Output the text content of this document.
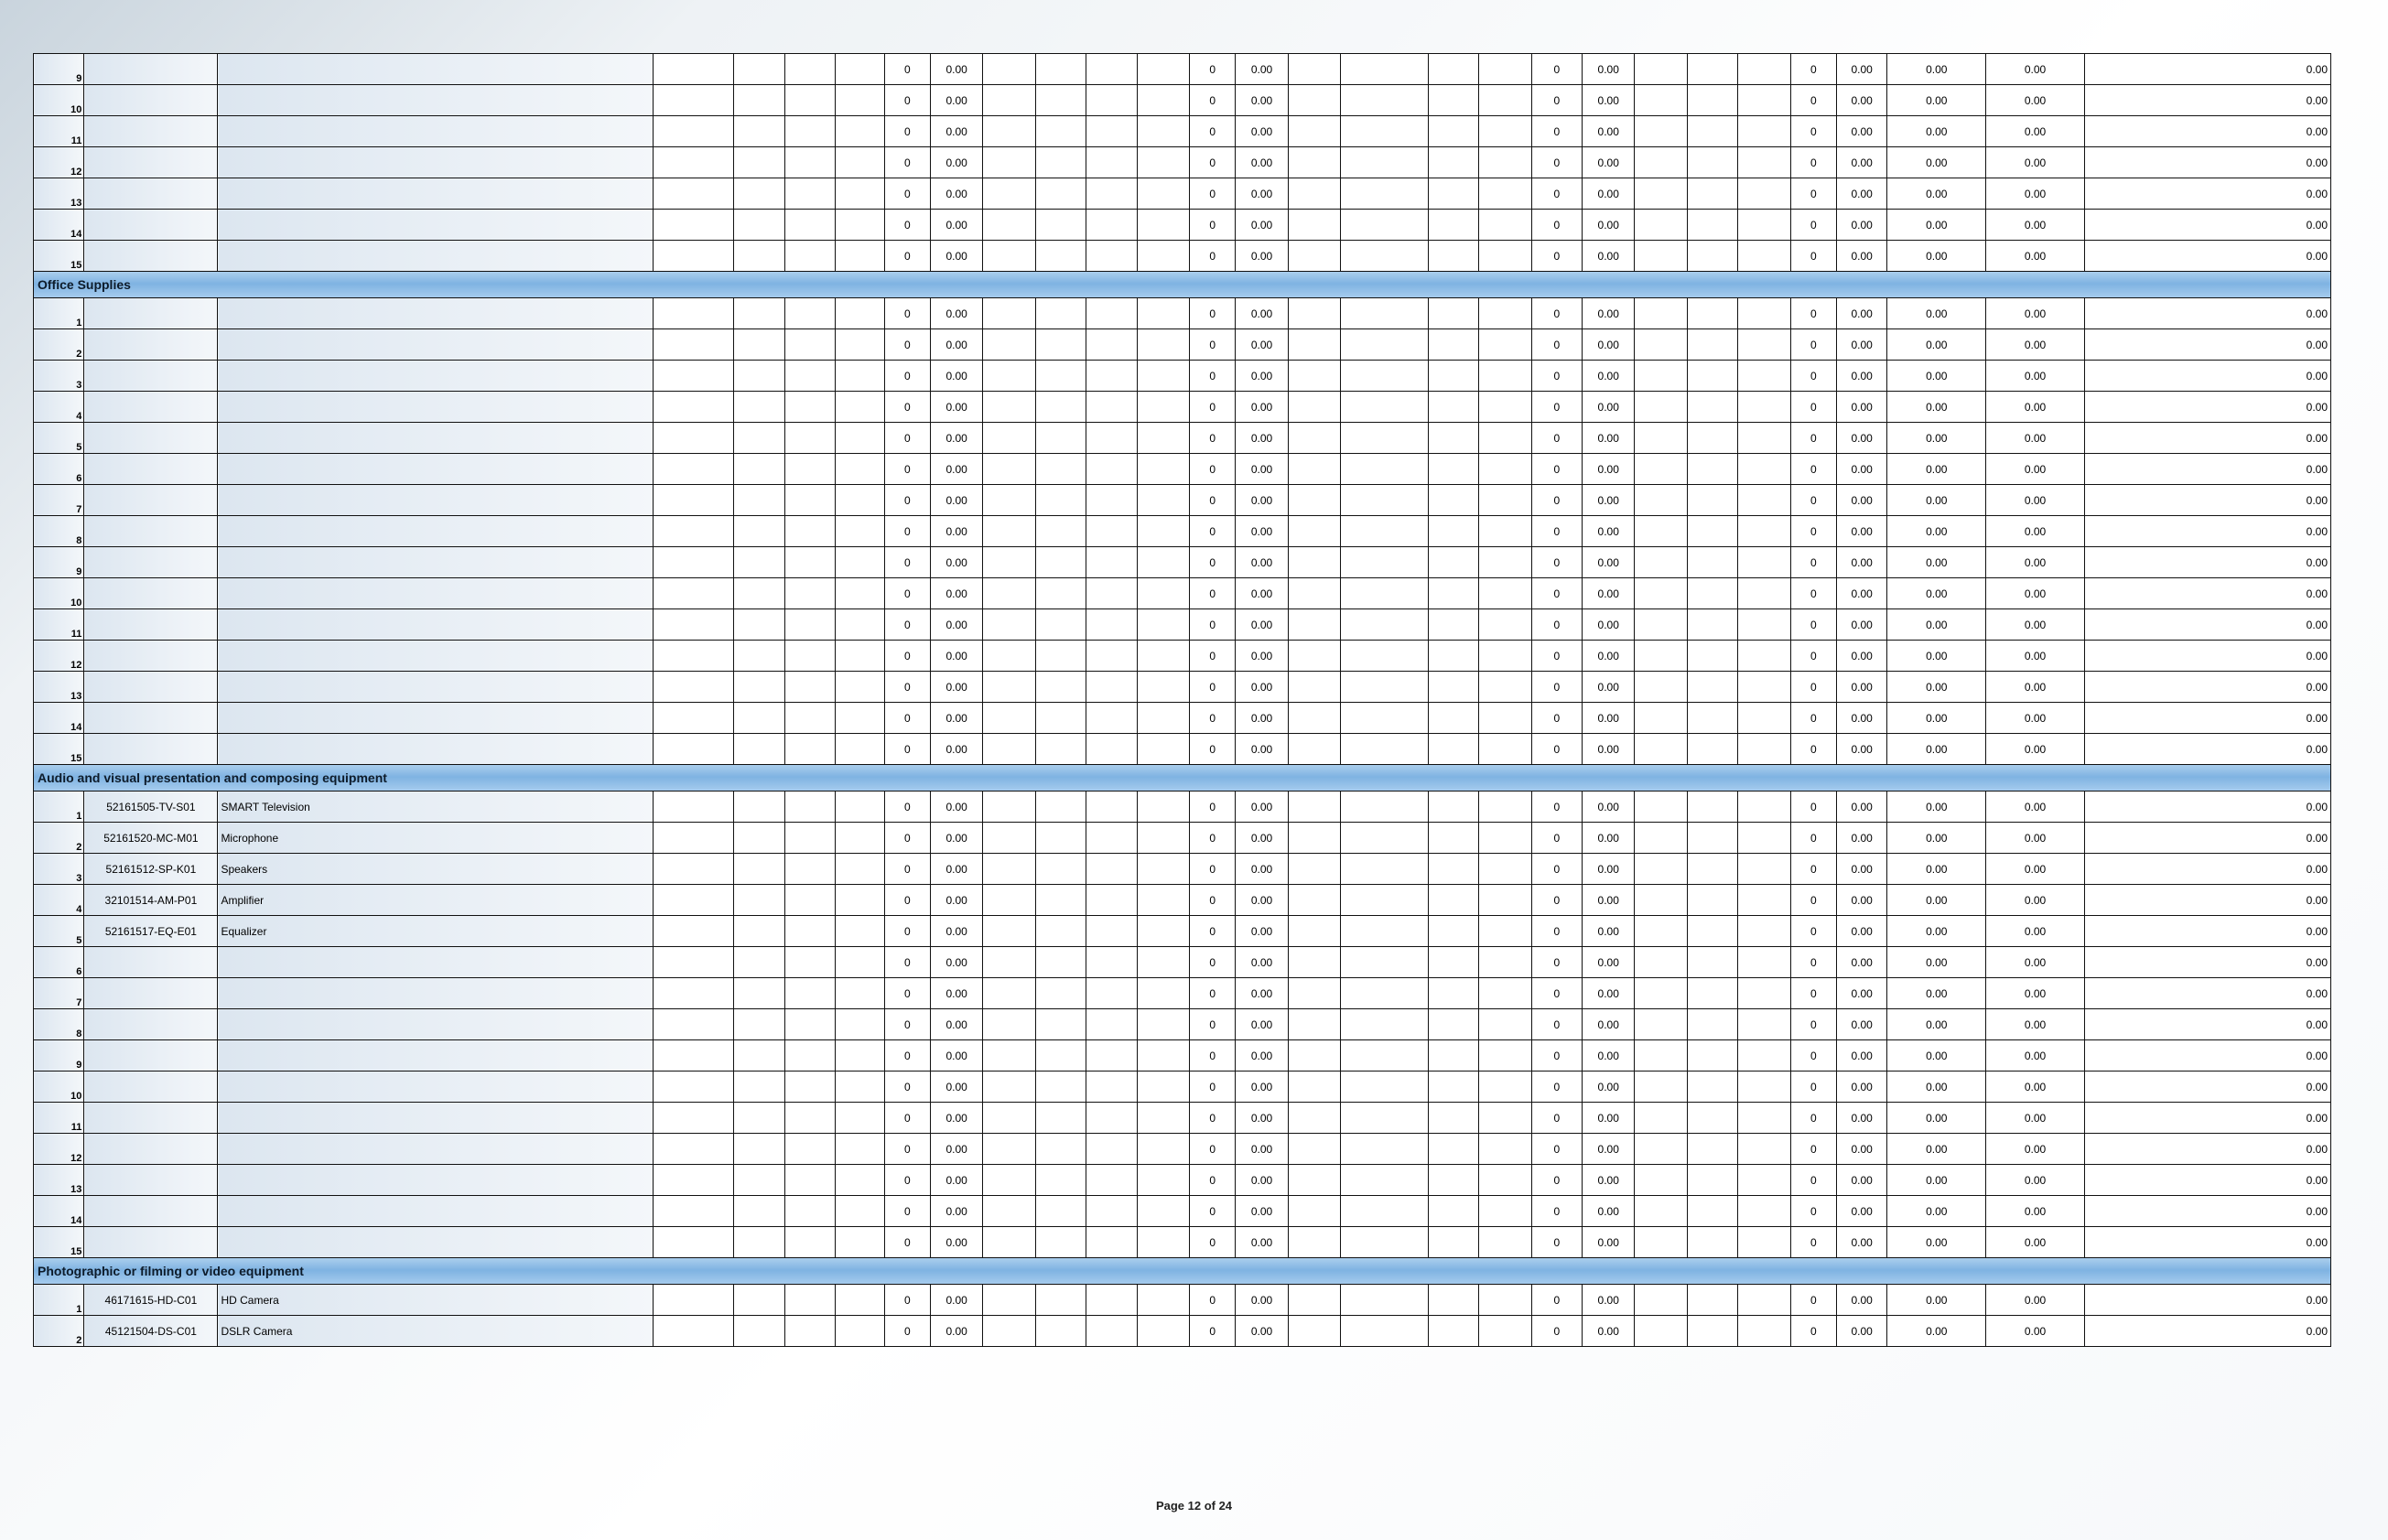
9							0	0.00					0	0.00					0	0.00				0	0.00	0.00	0.00	0.00
10							0	0.00					0	0.00					0	0.00				0	0.00	0.00	0.00	0.00
11							0	0.00					0	0.00					0	0.00				0	0.00	0.00	0.00	0.00
12							0	0.00					0	0.00					0	0.00				0	0.00	0.00	0.00	0.00
13							0	0.00					0	0.00					0	0.00				0	0.00	0.00	0.00	0.00
14							0	0.00					0	0.00					0	0.00				0	0.00	0.00	0.00	0.00
15							0	0.00					0	0.00					0	0.00				0	0.00	0.00	0.00	0.00
Office Supplies																												
1							0	0.00					0	0.00					0	0.00				0	0.00	0.00	0.00	0.00
2							0	0.00					0	0.00					0	0.00				0	0.00	0.00	0.00	0.00
3							0	0.00					0	0.00					0	0.00				0	0.00	0.00	0.00	0.00
4							0	0.00					0	0.00					0	0.00				0	0.00	0.00	0.00	0.00
5							0	0.00					0	0.00					0	0.00				0	0.00	0.00	0.00	0.00
6							0	0.00					0	0.00					0	0.00				0	0.00	0.00	0.00	0.00
7							0	0.00					0	0.00					0	0.00				0	0.00	0.00	0.00	0.00
8							0	0.00					0	0.00					0	0.00				0	0.00	0.00	0.00	0.00
9							0	0.00					0	0.00					0	0.00				0	0.00	0.00	0.00	0.00
10							0	0.00					0	0.00					0	0.00				0	0.00	0.00	0.00	0.00
11							0	0.00					0	0.00					0	0.00				0	0.00	0.00	0.00	0.00
12							0	0.00					0	0.00					0	0.00				0	0.00	0.00	0.00	0.00
13							0	0.00					0	0.00					0	0.00				0	0.00	0.00	0.00	0.00
14							0	0.00					0	0.00					0	0.00				0	0.00	0.00	0.00	0.00
15							0	0.00					0	0.00					0	0.00				0	0.00	0.00	0.00	0.00
Audio and visual presentation and composing equipment																												
1	52161505-TV-S01	SMART Television					0	0.00					0	0.00					0	0.00				0	0.00	0.00	0.00	0.00
2	52161520-MC-M01	Microphone					0	0.00					0	0.00					0	0.00				0	0.00	0.00	0.00	0.00
3	52161512-SP-K01	Speakers					0	0.00					0	0.00					0	0.00				0	0.00	0.00	0.00	0.00
4	32101514-AM-P01	Amplifier					0	0.00					0	0.00					0	0.00				0	0.00	0.00	0.00	0.00
5	52161517-EQ-E01	Equalizer					0	0.00					0	0.00					0	0.00				0	0.00	0.00	0.00	0.00
6							0	0.00					0	0.00					0	0.00				0	0.00	0.00	0.00	0.00
7							0	0.00					0	0.00					0	0.00				0	0.00	0.00	0.00	0.00
8							0	0.00					0	0.00					0	0.00				0	0.00	0.00	0.00	0.00
9							0	0.00					0	0.00					0	0.00				0	0.00	0.00	0.00	0.00
10							0	0.00					0	0.00					0	0.00				0	0.00	0.00	0.00	0.00
11							0	0.00					0	0.00					0	0.00				0	0.00	0.00	0.00	0.00
12							0	0.00					0	0.00					0	0.00				0	0.00	0.00	0.00	0.00
13							0	0.00					0	0.00					0	0.00				0	0.00	0.00	0.00	0.00
14							0	0.00					0	0.00					0	0.00				0	0.00	0.00	0.00	0.00
15							0	0.00					0	0.00					0	0.00				0	0.00	0.00	0.00	0.00
Photographic or filming or video equipment																												
1	46171615-HD-C01	HD Camera					0	0.00					0	0.00					0	0.00				0	0.00	0.00	0.00	0.00
2	45121504-DS-C01	DSLR Camera					0	0.00					0	0.00					0	0.00				0	0.00	0.00	0.00	0.00
Page 12 of 24
